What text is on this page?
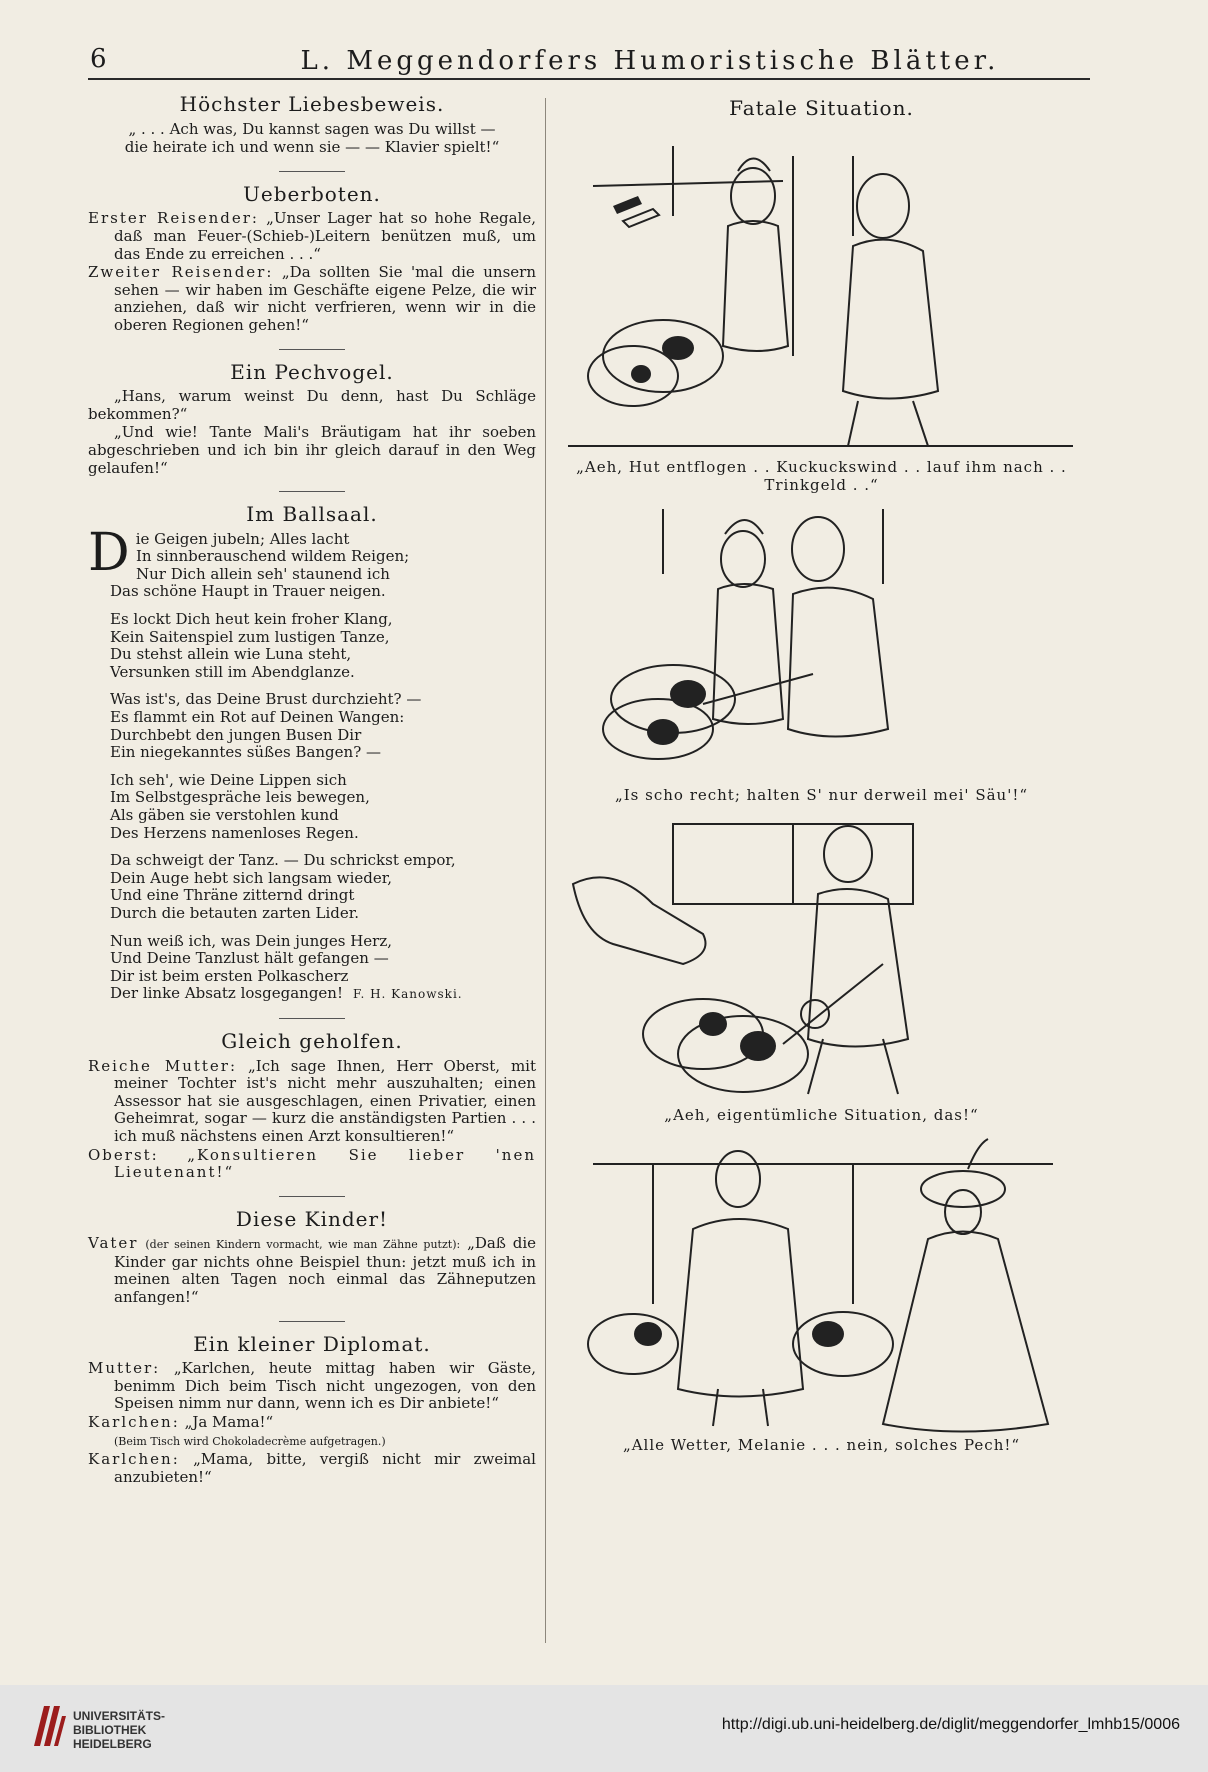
6	L. Meggendorfers Humoristische Blätter.
Höchster Liebesbeweis.

„ . . . Ach was, Du kannst sagen was Du willst —

die heirate ich und wenn sie — — Klavier spielt!“

Ueberboten.

Erster Reisender: „Unser Lager hat so hohe Regale, daß man Feuer-(Schieb-)Leitern benützen muß, um das Ende zu erreichen . . .“

Zweiter Reisender: „Da sollten Sie 'mal die unsern sehen — wir haben im Geschäfte eigene Pelze, die wir anziehen, daß wir nicht verfrieren, wenn wir in die oberen Regionen gehen!“

Ein Pechvogel.

„Hans, warum weinst Du denn, hast Du Schläge bekommen?“

„Und wie! Tante Mali's Bräutigam hat ihr soeben abgeschrieben und ich bin ihr gleich darauf in den Weg gelaufen!“

Im Ballsaal.
D ie Geigen jubeln; Alles lacht
In sinnberauschend wildem Reigen;
Nur Dich allein seh' staunend ich
Das schöne Haupt in Trauer neigen.
Es lockt Dich heut kein froher Klang,
Kein Saitenspiel zum lustigen Tanze,
Du stehst allein wie Luna steht,
Versunken still im Abendglanze.
Was ist's, das Deine Brust durchzieht? —
Es flammt ein Rot auf Deinen Wangen:
Durchbebt den jungen Busen Dir
Ein niegekanntes süßes Bangen? —
Ich seh', wie Deine Lippen sich
Im Selbstgespräche leis bewegen,
Als gäben sie verstohlen kund
Des Herzens namenloses Regen.
Da schweigt der Tanz. — Du schrickst empor,
Dein Auge hebt sich langsam wieder,
Und eine Thräne zitternd dringt
Durch die betauten zarten Lider.
Nun weiß ich, was Dein junges Herz,
Und Deine Tanzlust hält gefangen —
Dir ist beim ersten Polkascherz
Der linke Absatz losgegangen! F. H. Kanowski.
Gleich geholfen.

Reiche Mutter: „Ich sage Ihnen, Herr Oberst, mit meiner Tochter ist's nicht mehr auszuhalten; einen Assessor hat sie ausgeschlagen, einen Privatier, einen Geheimrat, sogar — kurz die anständigsten Partien . . . ich muß nächstens einen Arzt konsultieren!“

Oberst: „Konsultieren Sie lieber 'nen Lieutenant!“

Diese Kinder!

Vater (der seinen Kindern vormacht, wie man Zähne putzt): „Daß die Kinder gar nichts ohne Beispiel thun: jetzt muß ich in meinen alten Tagen noch einmal das Zähneputzen anfangen!“

Ein kleiner Diplomat.

Mutter: „Karlchen, heute mittag haben wir Gäste, benimm Dich beim Tisch nicht ungezogen, von den Speisen nimm nur dann, wenn ich es Dir anbiete!“

Karlchen: „Ja Mama!“

(Beim Tisch wird Chokoladecrème aufgetragen.)

Karlchen: „Mama, bitte, vergiß nicht mir zweimal anzubieten!“

Fatale Situation.
„Aeh, Hut entflogen . . Kuckuckswind . . lauf ihm nach . . Trinkgeld . .“
„Is scho recht; halten S' nur derweil mei' Säu'!“
„Aeh, eigentümliche Situation, das!“
„Alle Wetter, Melanie . . . nein, solches Pech!“
UNIVERSITÄTS-
BIBLIOTHEK
HEIDELBERG
http://digi.ub.uni-heidelberg.de/diglit/meggendorfer_lmhb15/0006
